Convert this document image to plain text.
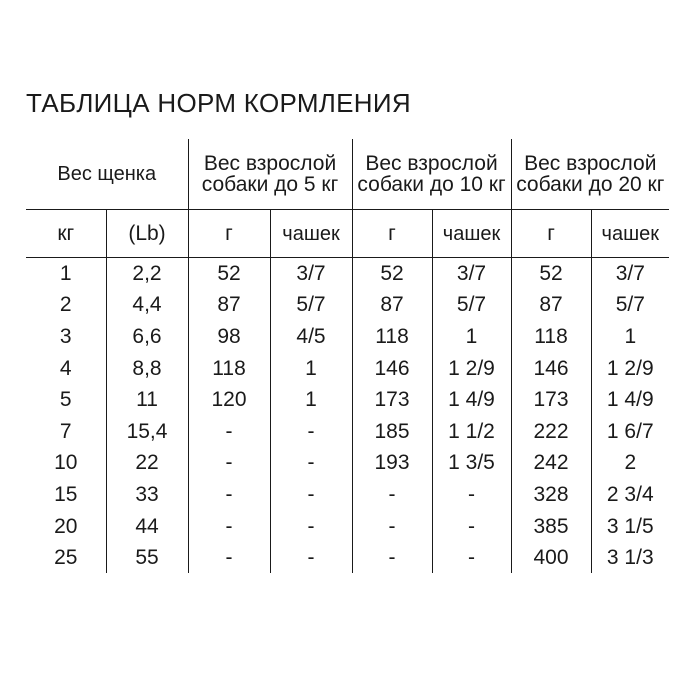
ТАБЛИЦА НОРМ КОРМЛЕНИЯ
Вес щенка		Вес взрослой
собаки до 5 кг		Вес взрослой
собаки до 10 кг		Вес взрослой
собаки до 20 кг	
кг	(Lb)	г	чашек	г	чашек	г	чашек
1	2,2	52	3/7	52	3/7	52	3/7
2	4,4	87	5/7	87	5/7	87	5/7
3	6,6	98	4/5	118	1	118	1
4	8,8	118	1	146	1 2/9	146	1 2/9
5	11	120	1	173	1 4/9	173	1 4/9
7	15,4	-	-	185	1 1/2	222	1 6/7
10	22	-	-	193	1 3/5	242	2
15	33	-	-	-	-	328	2 3/4
20	44	-	-	-	-	385	3 1/5
25	55	-	-	-	-	400	3 1/3
